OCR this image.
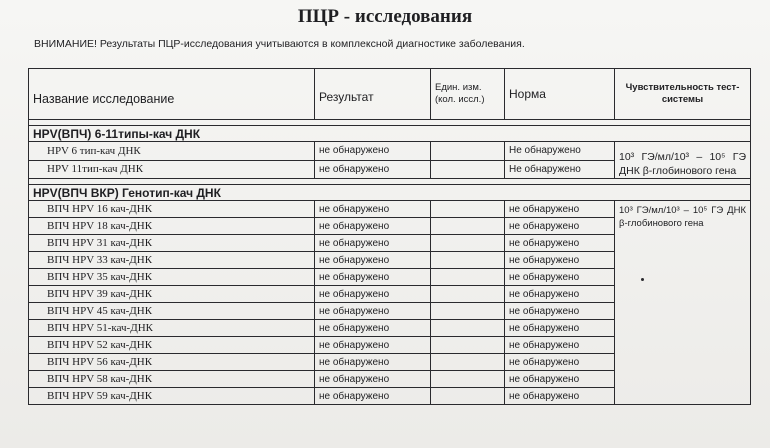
ПЦР - исследования
ВНИМАНИЕ! Результаты ПЦР-исследования учитываются в комплексной диагностике заболевания.
Название исследование	Результат	Един. изм. (кол. иссл.)	Норма	Чувствительность тест-системы

HPV(ВПЧ) 6-11типы-кач ДНК				
HPV 6 тип-кач ДНК	не обнаружено		Не обнаружено	10³ ГЭ/мл/10³ – 10⁵ ГЭ ДНК β-глобинового гена
HPV 11тип-кач ДНК	не обнаружено		Не обнаружено	

HPV(ВПЧ ВКР) Генотип-кач ДНК				
ВПЧ HPV 16 кач-ДНК	не обнаружено		не обнаружено	10³ ГЭ/мл/10³ – 10⁵ ГЭ ДНК β-глобинового гена

ВПЧ HPV 18 кач-ДНК	не обнаружено		не обнаружено	
ВПЧ HPV 31 кач-ДНК	не обнаружено		не обнаружено	
ВПЧ HPV 33 кач-ДНК	не обнаружено		не обнаружено	
ВПЧ HPV 35 кач-ДНК	не обнаружено		не обнаружено	
ВПЧ HPV 39 кач-ДНК	не обнаружено		не обнаружено	
ВПЧ HPV 45 кач-ДНК	не обнаружено		не обнаружено	
ВПЧ HPV 51-кач-ДНК	не обнаружено		не обнаружено	
ВПЧ HPV 52 кач-ДНК	не обнаружено		не обнаружено	
ВПЧ HPV 56 кач-ДНК	не обнаружено		не обнаружено	
ВПЧ HPV 58 кач-ДНК	не обнаружено		не обнаружено	
ВПЧ HPV 59 кач-ДНК	не обнаружено		не обнаружено	
